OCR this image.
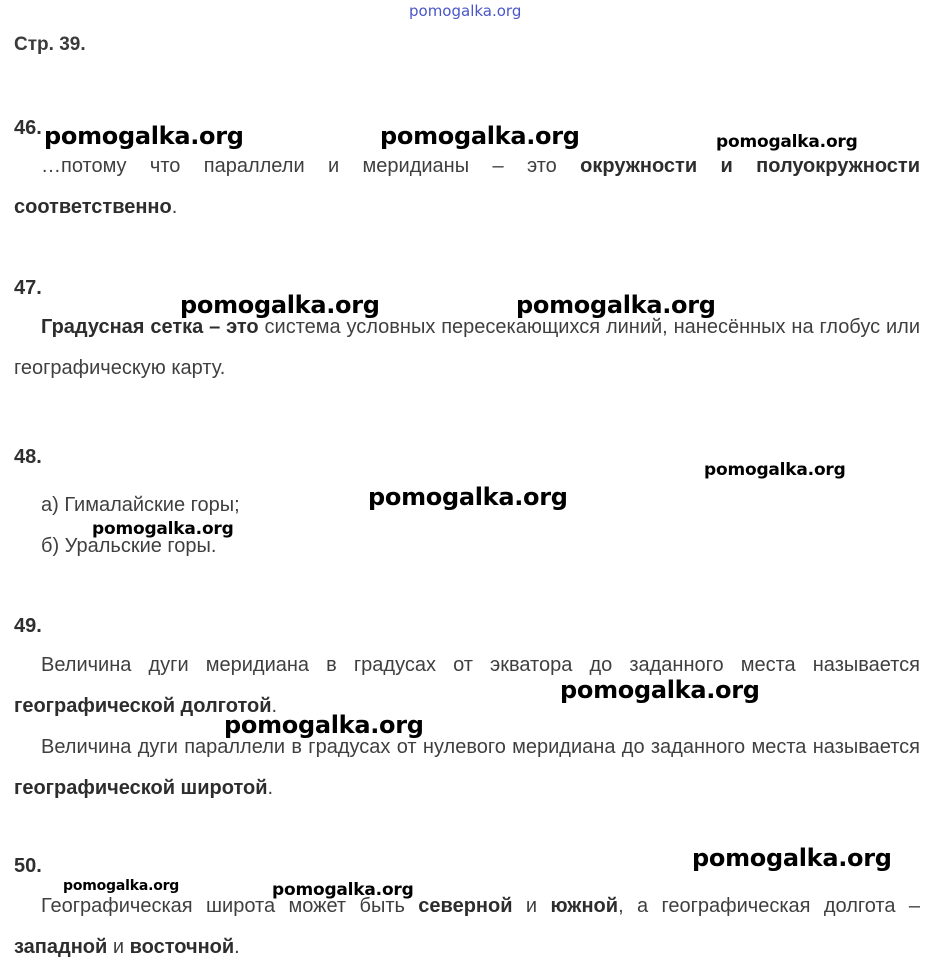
Стр. 39.
46.

…потому что параллели и меридианы – это окружности и полуокружности соответственно.

47.

Градусная сетка – это система условных пересекающихся линий, нанесённых на глобус или географическую карту.

48.
а) Гималайские горы;
б) Уральские горы.
49.

Величина дуги меридиана в градусах от экватора до заданного места называется географической долготой.

Величина дуги параллели в градусах от нулевого меридиана до заданного места называется географической широтой.

50.

Географическая широта может быть северной и южной, а географическая долгота – западной и восточной.

pomogalka.org
pomogalka.org	pomogalka.org	pomogalka.org
pomogalka.org	pomogalka.org
pomogalka.org
pomogalka.org
pomogalka.org
pomogalka.org
pomogalka.org
pomogalka.org
pomogalka.org	pomogalka.org
